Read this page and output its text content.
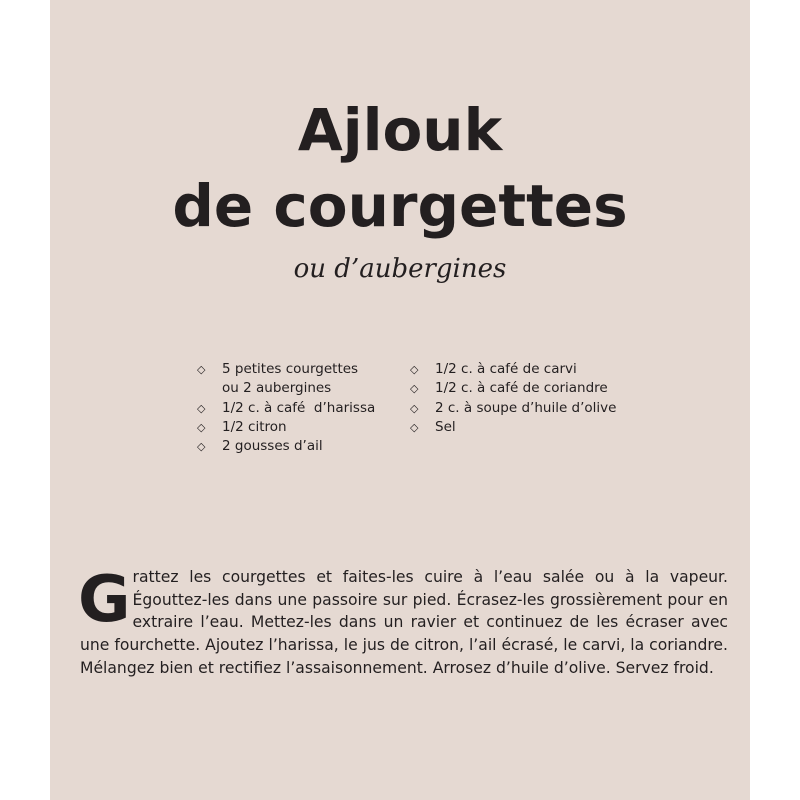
Ajlouk
de courgettes
ou d’aubergines
◇ 5 petites courgettes
ou 2 aubergines
◇ 1/2 c. à café  d’harissa
◇ 1/2 citron
◇ 2 gousses d’ail
◇ 1/2 c. à café de carvi
◇ 1/2 c. à café de coriandre
◇ 2 c. à soupe d’huile d’olive
◇ Sel

Grattez les courgettes et faites-les cuire à l’eau salée ou à la vapeur. Égouttez-les dans une passoire sur pied. Écrasez-les grossièrement pour en extraire l’eau. Mettez-les dans un ravier et continuez de les écraser avec une fourchette. Ajoutez l’harissa, le jus de citron, l’ail écrasé, le carvi, la coriandre. Mélangez bien et rectifiez l’assaisonnement. Arrosez d’huile d’olive. Servez froid.
